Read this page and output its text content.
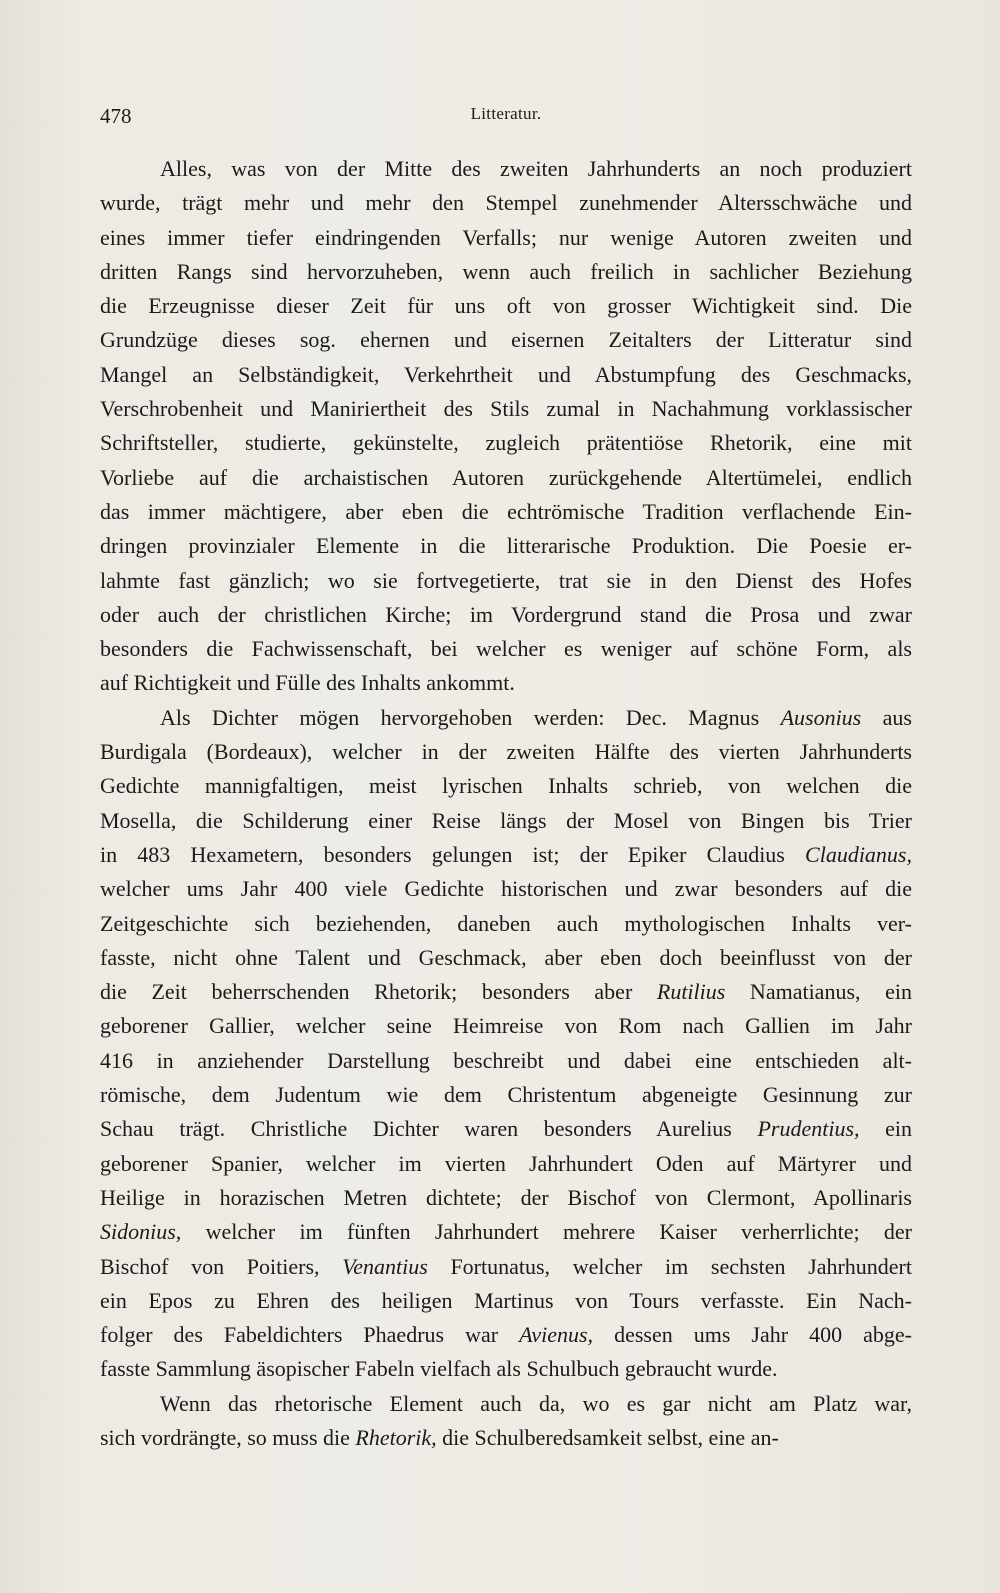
478	Litteratur.

Alles, was von der Mitte des zweiten Jahrhunderts an noch produziert
wurde, trägt mehr und mehr den Stempel zunehmender Altersschwäche und
eines immer tiefer eindringenden Verfalls; nur wenige Autoren zweiten und
dritten Rangs sind hervorzuheben, wenn auch freilich in sachlicher Beziehung
die Erzeugnisse dieser Zeit für uns oft von grosser Wichtigkeit sind. Die
Grundzüge dieses sog. ehernen und eisernen Zeitalters der Litteratur sind
Mangel an Selbständigkeit, Verkehrtheit und Abstumpfung des Geschmacks,
Verschrobenheit und Maniriertheit des Stils zumal in Nachahmung vorklassischer
Schriftsteller, studierte, gekünstelte, zugleich prätentiöse Rhetorik, eine mit
Vorliebe auf die archaistischen Autoren zurückgehende Altertümelei, endlich
das immer mächtigere, aber eben die echtrömische Tradition verflachende Ein-
dringen provinzialer Elemente in die litterarische Produktion. Die Poesie er-
lahmte fast gänzlich; wo sie fortvegetierte, trat sie in den Dienst des Hofes
oder auch der christlichen Kirche; im Vordergrund stand die Prosa und zwar
besonders die Fachwissenschaft, bei welcher es weniger auf schöne Form, als
auf Richtigkeit und Fülle des Inhalts ankommt.

Als Dichter mögen hervorgehoben werden: Dec. Magnus Ausonius aus
Burdigala (Bordeaux), welcher in der zweiten Hälfte des vierten Jahrhunderts
Gedichte mannigfaltigen, meist lyrischen Inhalts schrieb, von welchen die
Mosella, die Schilderung einer Reise längs der Mosel von Bingen bis Trier
in 483 Hexametern, besonders gelungen ist; der Epiker Claudius Claudianus,
welcher ums Jahr 400 viele Gedichte historischen und zwar besonders auf die
Zeitgeschichte sich beziehenden, daneben auch mythologischen Inhalts ver-
fasste, nicht ohne Talent und Geschmack, aber eben doch beeinflusst von der
die Zeit beherrschenden Rhetorik; besonders aber Rutilius Namatianus, ein
geborener Gallier, welcher seine Heimreise von Rom nach Gallien im Jahr
416 in anziehender Darstellung beschreibt und dabei eine entschieden alt-
römische, dem Judentum wie dem Christentum abgeneigte Gesinnung zur
Schau trägt. Christliche Dichter waren besonders Aurelius Prudentius, ein
geborener Spanier, welcher im vierten Jahrhundert Oden auf Märtyrer und
Heilige in horazischen Metren dichtete; der Bischof von Clermont, Apollinaris
Sidonius, welcher im fünften Jahrhundert mehrere Kaiser verherrlichte; der
Bischof von Poitiers, Venantius Fortunatus, welcher im sechsten Jahrhundert
ein Epos zu Ehren des heiligen Martinus von Tours verfasste. Ein Nach-
folger des Fabeldichters Phaedrus war Avienus, dessen ums Jahr 400 abge-
fasste Sammlung äsopischer Fabeln vielfach als Schulbuch gebraucht wurde.

Wenn das rhetorische Element auch da, wo es gar nicht am Platz war,
sich vordrängte, so muss die Rhetorik, die Schulberedsamkeit selbst, eine an-
